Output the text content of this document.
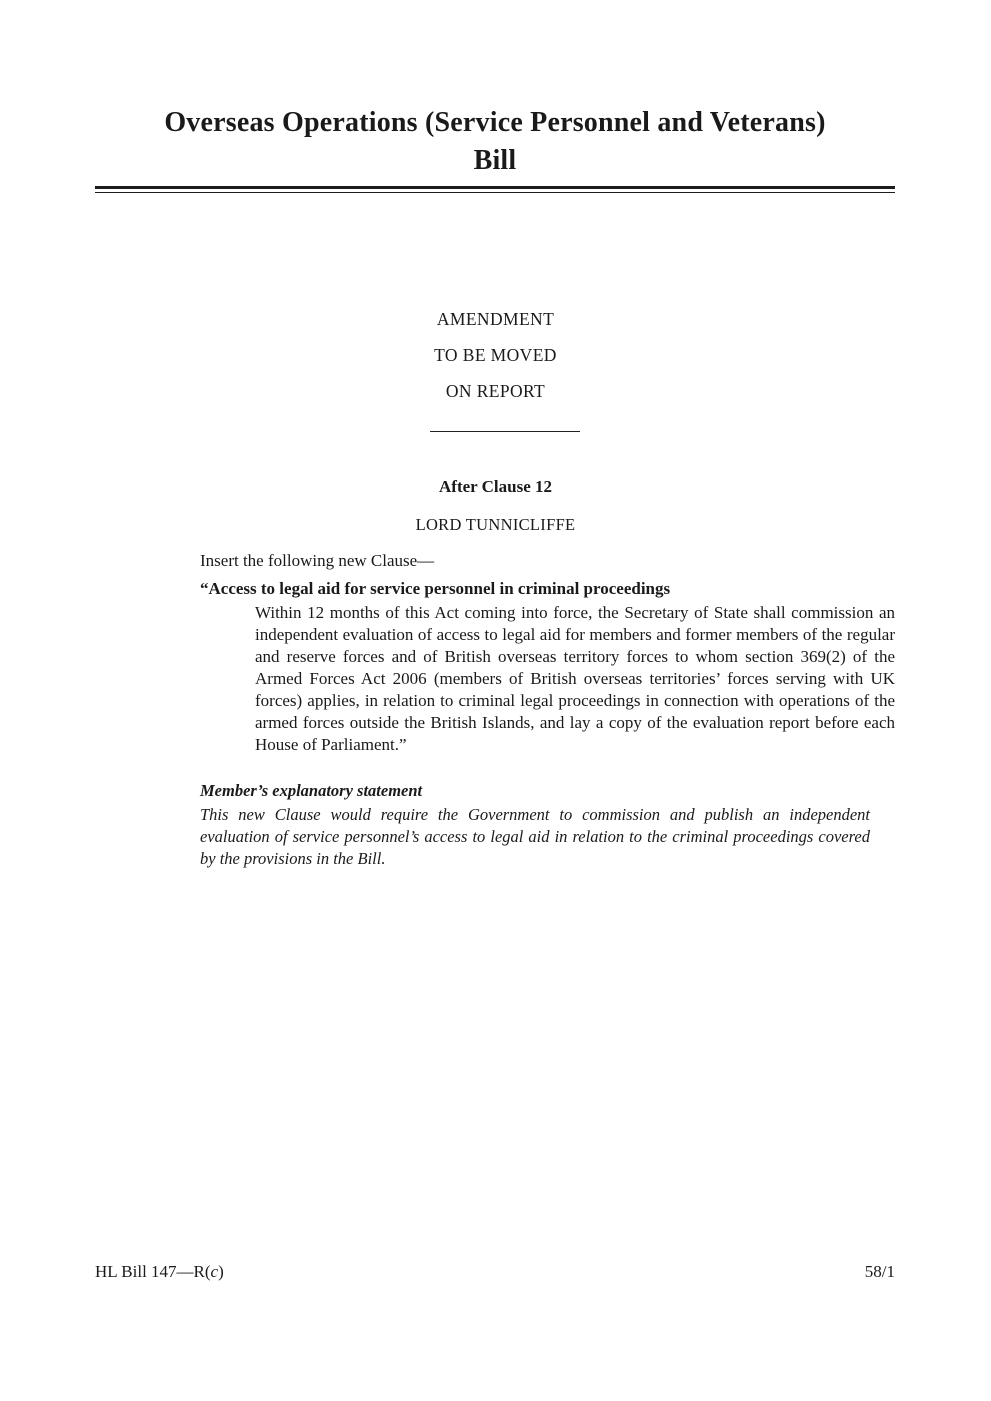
Overseas Operations (Service Personnel and Veterans)
Bill
AMENDMENT
TO BE MOVED
ON REPORT
After Clause 12
LORD TUNNICLIFFE

Insert the following new Clause—

“Access to legal aid for service personnel in criminal proceedings

Within 12 months of this Act coming into force, the Secretary of State shall commission an independent evaluation of access to legal aid for members and former members of the regular and reserve forces and of British overseas territory forces to whom section 369(2) of the Armed Forces Act 2006 (members of British overseas territories’ forces serving with UK forces) applies, in relation to criminal legal proceedings in connection with operations of the armed forces outside the British Islands, and lay a copy of the evaluation report before each House of Parliament.”

Member’s explanatory statement

This new Clause would require the Government to commission and publish an independent evaluation of service personnel’s access to legal aid in relation to the criminal proceedings covered by the provisions in the Bill.

HL Bill 147—R(c)	58/1
